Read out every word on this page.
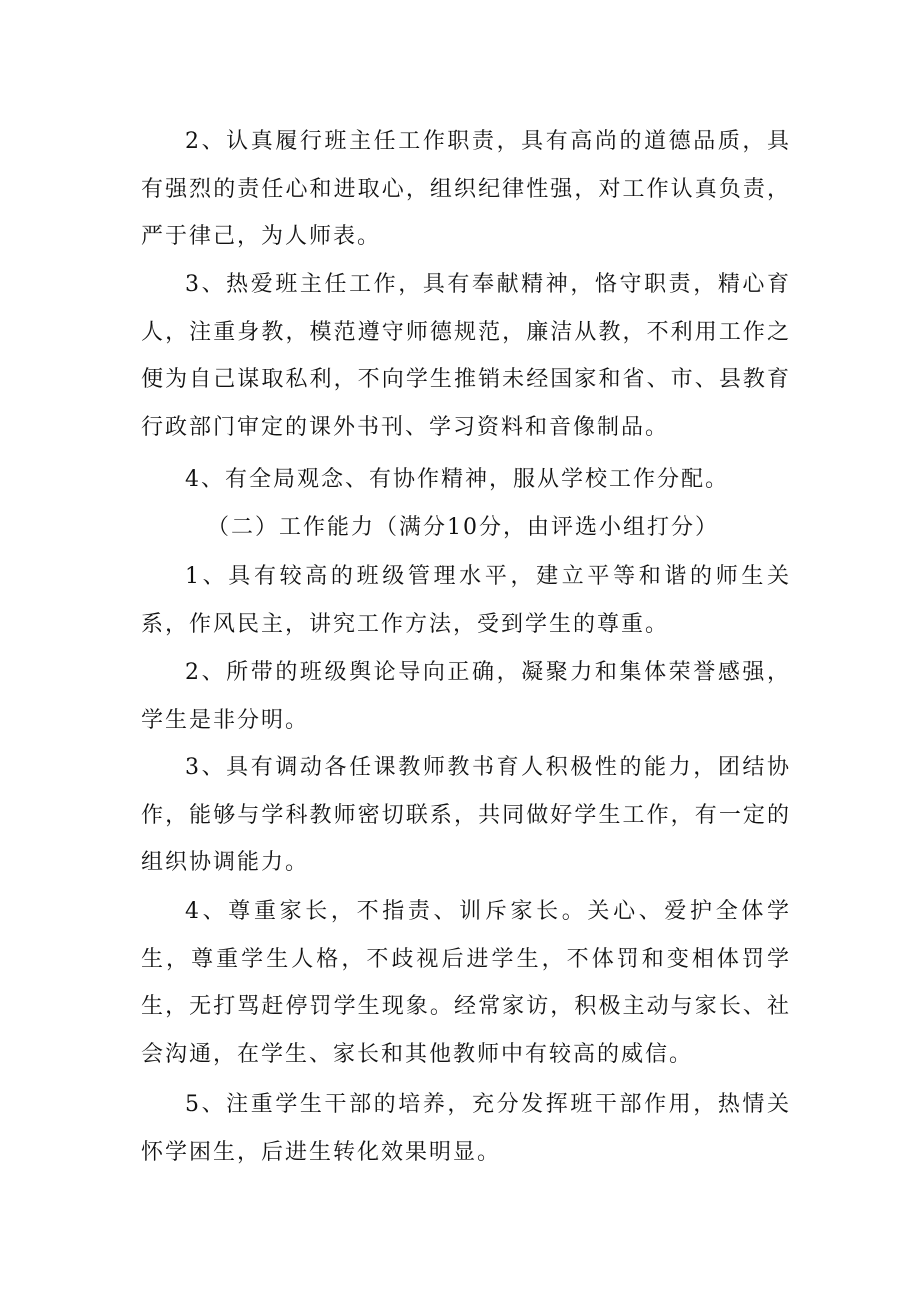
2、认真履行班主任工作职责，具有高尚的道德品质，具有强烈的责任心和进取心，组织纪律性强，对工作认真负责，严于律己，为人师表。

3、热爱班主任工作，具有奉献精神，恪守职责，精心育人，注重身教，模范遵守师德规范，廉洁从教，不利用工作之便为自己谋取私利，不向学生推销未经国家和省、市、县教育行政部门审定的课外书刊、学习资料和音像制品。

4、有全局观念、有协作精神，服从学校工作分配。

（二）工作能力（满分10分，由评选小组打分）

1、具有较高的班级管理水平，建立平等和谐的师生关系，作风民主，讲究工作方法，受到学生的尊重。

2、所带的班级舆论导向正确，凝聚力和集体荣誉感强，学生是非分明。

3、具有调动各任课教师教书育人积极性的能力，团结协作，能够与学科教师密切联系，共同做好学生工作，有一定的组织协调能力。

4、尊重家长，不指责、训斥家长。关心、爱护全体学生，尊重学生人格，不歧视后进学生，不体罚和变相体罚学生，无打骂赶停罚学生现象。经常家访，积极主动与家长、社会沟通，在学生、家长和其他教师中有较高的威信。

5、注重学生干部的培养，充分发挥班干部作用，热情关怀学困生，后进生转化效果明显。
